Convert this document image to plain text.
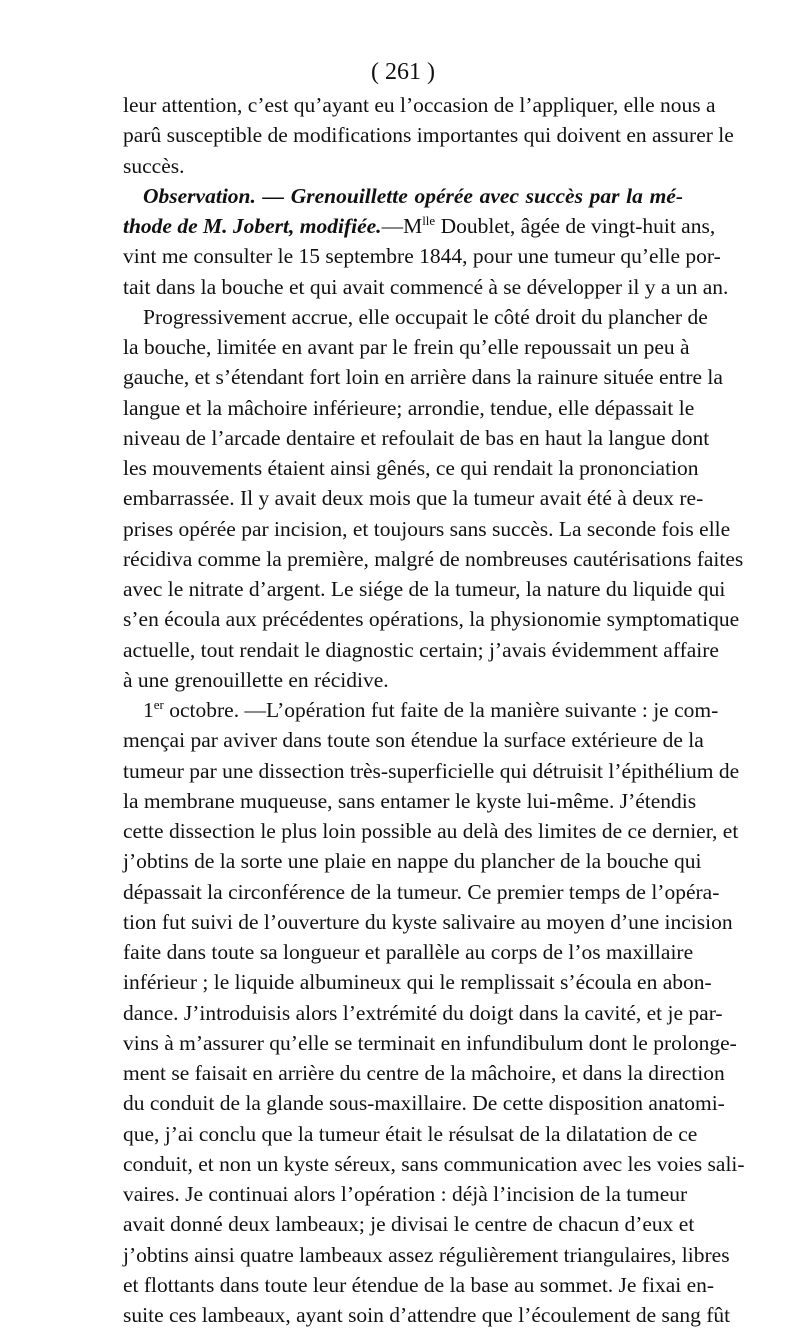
( 261 )
leur attention, c’est qu’ayant eu l’occasion de l’appliquer, elle nous a
parû susceptible de modifications importantes qui doivent en assurer le
succès.
Observation. — Grenouillette opérée avec succès par la mé-
thode de M. Jobert, $modifiée.—M^{lle}$ Doublet, âgée de vingt-huit ans,
vint me consulter le 15 septembre 1844, pour une tumeur qu’elle por-
tait dans la bouche et qui avait commencé à se développer il y a un an.
Progressivement accrue, elle occupait le côté droit du plancher de
la bouche, limitée en avant par le frein qu’elle repoussait un peu à
gauche, et s’étendant fort loin en arrière dans la rainure située entre la
langue et la mâchoire inférieure; arrondie, tendue, elle dépassait le
niveau de l’arcade dentaire et refoulait de bas en haut la langue dont
les mouvements étaient ainsi gênés, ce qui rendait la prononciation
embarrassée. Il y avait deux mois que la tumeur avait été à deux re-
prises opérée par incision, et toujours sans succès. La seconde fois elle
récidiva comme la première, malgré de nombreuses cautérisations faites
avec le nitrate d’argent. Le siége de la tumeur, la nature du liquide qui
s’en écoula aux précédentes opérations, la physionomie symptomatique
actuelle, tout rendait le diagnostic certain; j’avais évidemment affaire
à une grenouillette en récidive.
1er octobre. —L’opération fut faite de la manière suivante : je com-
mençai par aviver dans toute son étendue la surface extérieure de la
tumeur par une dissection très-superficielle qui détruisit l’épithélium de
la membrane muqueuse, sans entamer le kyste lui-même. J’étendis
cette dissection le plus loin possible au delà des limites de ce dernier, et
j’obtins de la sorte une plaie en nappe du plancher de la bouche qui
dépassait la circonférence de la tumeur. Ce premier temps de l’opéra-
tion fut suivi de l’ouverture du kyste salivaire au moyen d’une incision
faite dans toute sa longueur et parallèle au corps de l’os maxillaire
inférieur ; le liquide albumineux qui le remplissait s’écoula en abon-
dance. J’introduisis alors l’extrémité du doigt dans la cavité, et je par-
vins à m’assurer qu’elle se terminait en infundibulum dont le prolonge-
ment se faisait en arrière du centre de la mâchoire, et dans la direction
du conduit de la glande sous-maxillaire. De cette disposition anatomi-
que, j’ai conclu que la tumeur était le résulsat de la dilatation de ce
conduit, et non un kyste séreux, sans communication avec les voies sali-
vaires. Je continuai alors l’opération : déjà l’incision de la tumeur
avait donné deux lambeaux; je divisai le centre de chacun d’eux et
j’obtins ainsi quatre lambeaux assez régulièrement triangulaires, libres
et flottants dans toute leur étendue de la base au sommet. Je fixai en-
suite ces lambeaux, ayant soin d’attendre que l’écoulement de sang fût
